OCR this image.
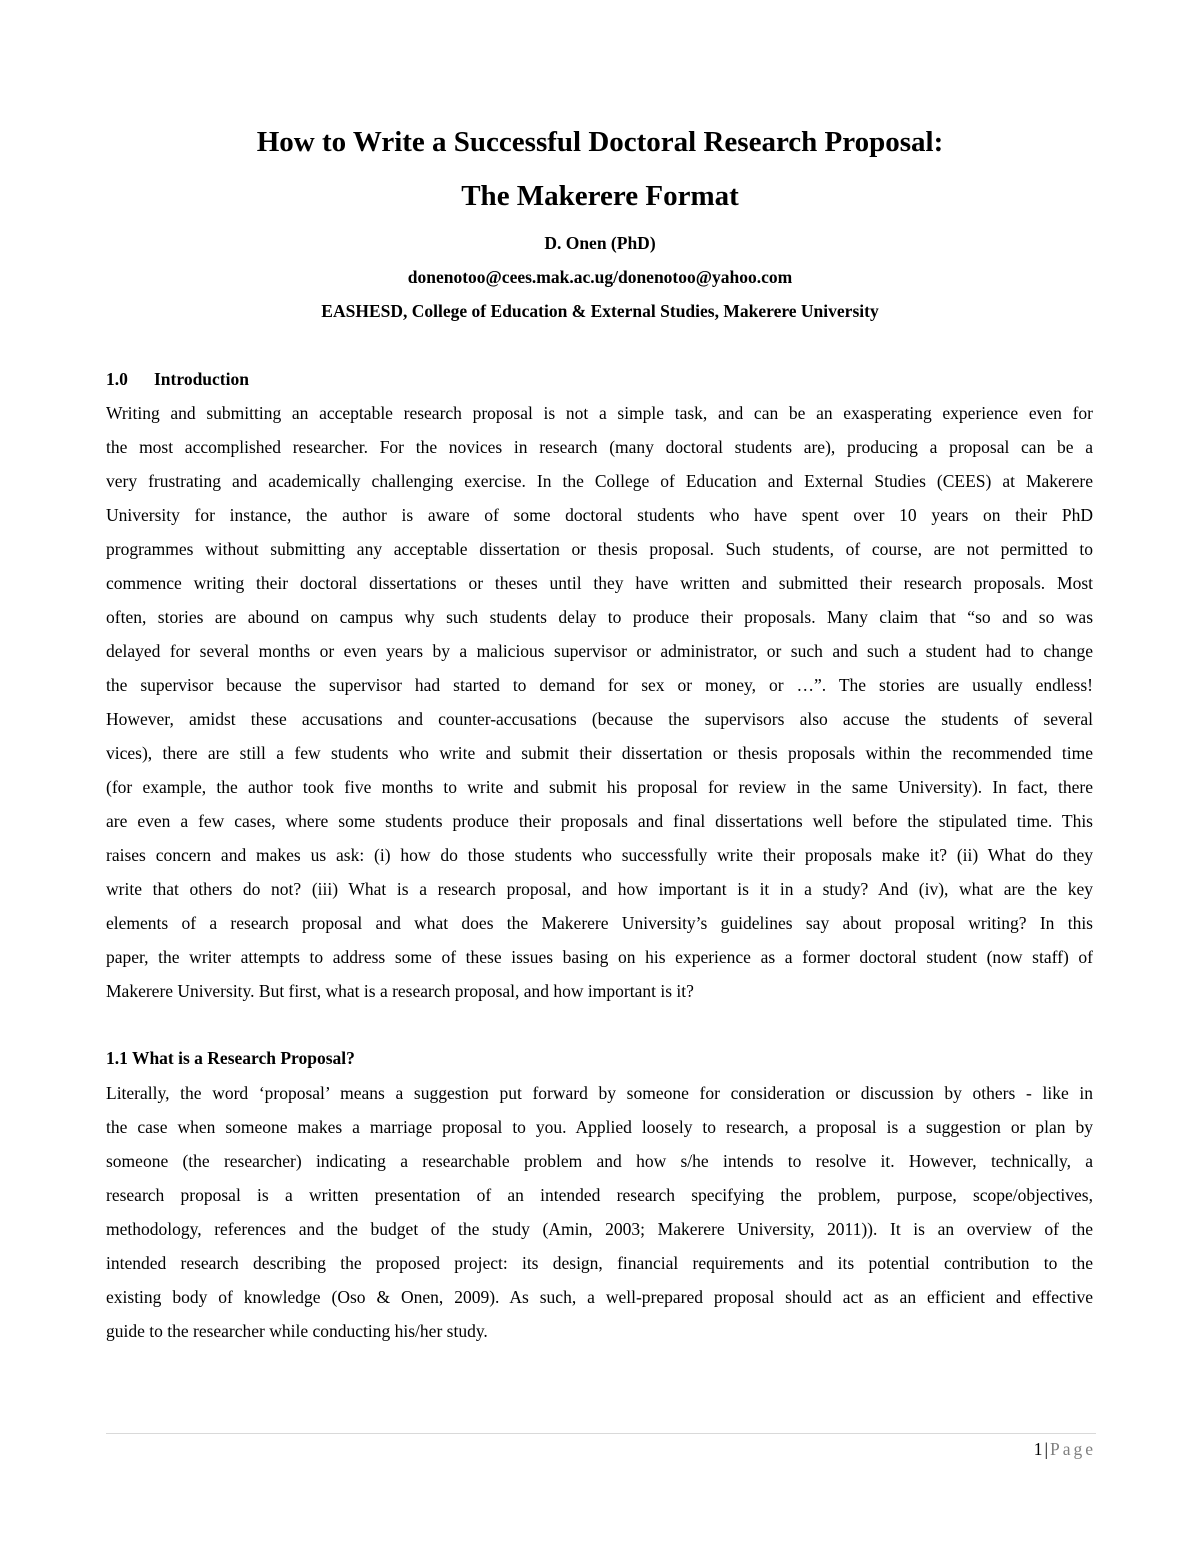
How to Write a Successful Doctoral Research Proposal:
The Makerere Format

D. Onen (PhD)

donenotoo@cees.mak.ac.ug/donenotoo@yahoo.com

EASHESD, College of Education & External Studies, Makerere University

1.0 Introduction
Writing and submitting an acceptable research proposal is not a simple task, and can be an exasperating experience even for
the most accomplished researcher. For the novices in research (many doctoral students are), producing a proposal can be a
very frustrating and academically challenging exercise. In the College of Education and External Studies (CEES) at Makerere
University for instance, the author is aware of some doctoral students who have spent over 10 years on their PhD
programmes without submitting any acceptable dissertation or thesis proposal. Such students, of course, are not permitted to
commence writing their doctoral dissertations or theses until they have written and submitted their research proposals. Most
often, stories are abound on campus why such students delay to produce their proposals. Many claim that “so and so was
delayed for several months or even years by a malicious supervisor or administrator, or such and such a student had to change
the supervisor because the supervisor had started to demand for sex or money, or …”. The stories are usually endless!
However, amidst these accusations and counter-accusations (because the supervisors also accuse the students of several
vices), there are still a few students who write and submit their dissertation or thesis proposals within the recommended time
(for example, the author took five months to write and submit his proposal for review in the same University). In fact, there
are even a few cases, where some students produce their proposals and final dissertations well before the stipulated time. This
raises concern and makes us ask: (i) how do those students who successfully write their proposals make it? (ii) What do they
write that others do not? (iii) What is a research proposal, and how important is it in a study? And (iv), what are the key
elements of a research proposal and what does the Makerere University’s guidelines say about proposal writing? In this
paper, the writer attempts to address some of these issues basing on his experience as a former doctoral student (now staff) of
Makerere University. But first, what is a research proposal, and how important is it?
1.1 What is a Research Proposal?
Literally, the word ‘proposal’ means a suggestion put forward by someone for consideration or discussion by others - like in
the case when someone makes a marriage proposal to you. Applied loosely to research, a proposal is a suggestion or plan by
someone (the researcher) indicating a researchable problem and how s/he intends to resolve it. However, technically, a
research proposal is a written presentation of an intended research specifying the problem, purpose, scope/objectives,
methodology, references and the budget of the study (Amin, 2003; Makerere University, 2011)). It is an overview of the
intended research describing the proposed project: its design, financial requirements and its potential contribution to the
existing body of knowledge (Oso & Onen, 2009). As such, a well-prepared proposal should act as an efficient and effective
guide to the researcher while conducting his/her study.
1 | Page
